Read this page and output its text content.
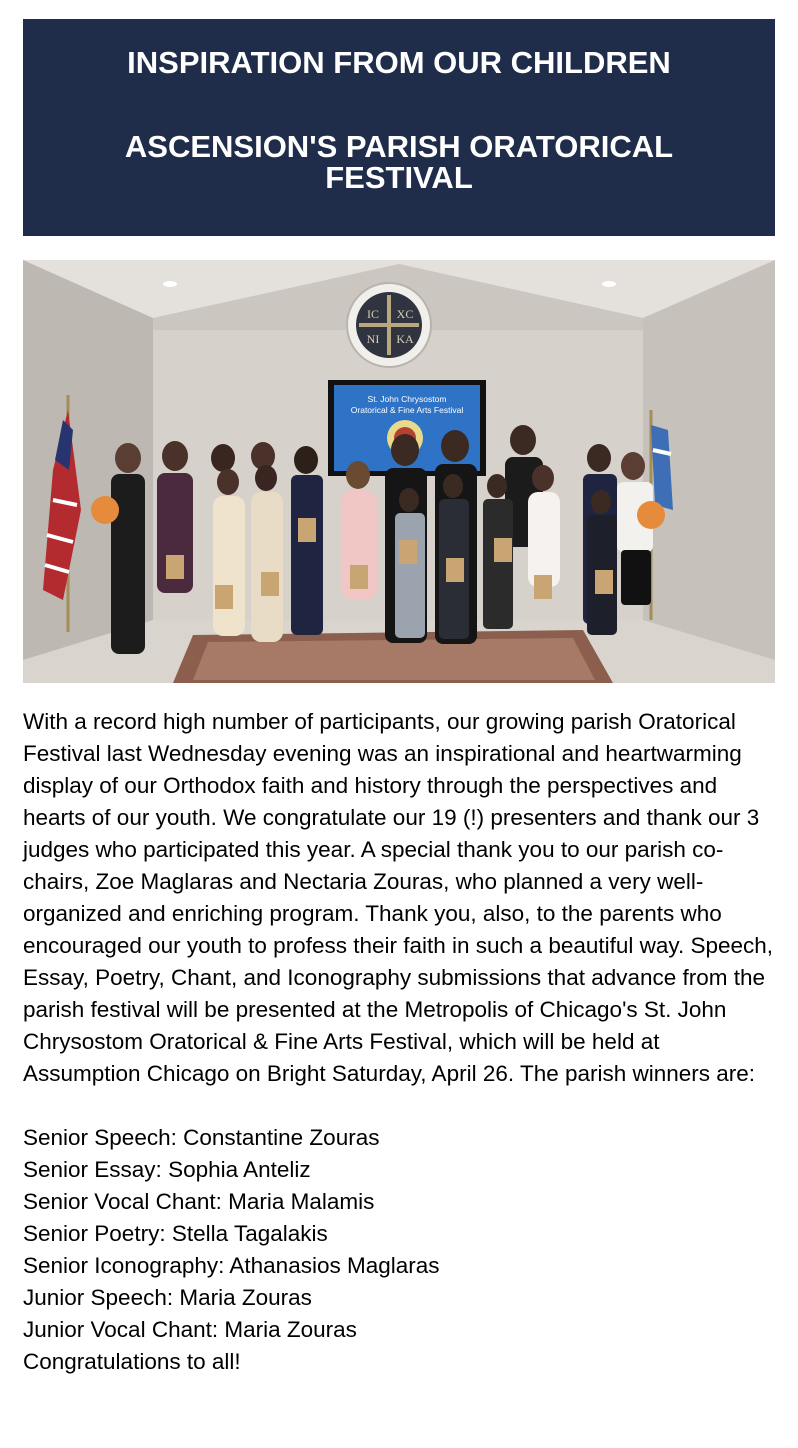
INSPIRATION FROM OUR CHILDREN
ASCENSION'S PARISH ORATORICAL FESTIVAL
IC XC
NI KA
St. John Chrysostom
Oratorical & Fine Arts Festival

With a record high number of participants, our growing parish Oratorical Festival last Wednesday evening was an inspirational and heartwarming display of our Orthodox faith and history through the perspectives and hearts of our youth. We congratulate our 19 (!) presenters and thank our 3 judges who participated this year. A special thank you to our parish co-chairs, Zoe Maglaras and Nectaria Zouras, who planned a very well-organized and enriching program. Thank you, also, to the parents who encouraged our youth to profess their faith in such a beautiful way. Speech, Essay, Poetry, Chant, and Iconography submissions that advance from the parish festival will be presented at the Metropolis of Chicago's St. John Chrysostom Oratorical & Fine Arts Festival, which will be held at Assumption Chicago on Bright Saturday, April 26. The parish winners are:

Senior Speech: Constantine Zouras
Senior Essay: Sophia Anteliz
Senior Vocal Chant: Maria Malamis
Senior Poetry: Stella Tagalakis
Senior Iconography: Athanasios Maglaras
Junior Speech: Maria Zouras
Junior Vocal Chant: Maria Zouras

Congratulations to all!
